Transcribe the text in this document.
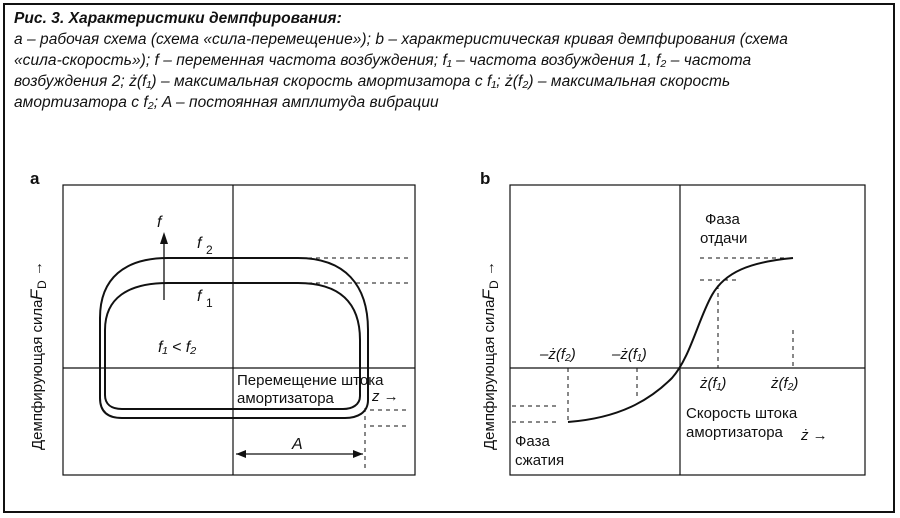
Рис. 3. Характеристики демпфирования:
a – рабочая схема (схема «сила-перемещение»); b – характеристическая кривая демпфирования (схема
«сила-скорость»); f – переменная частота возбуждения; f₁ – частота возбуждения 1, f₂ – частота
возбуждения 2; ż(f₁) – максимальная скорость амортизатора с f₁; ż(f₂) – максимальная скорость
амортизатора с f₂; A – постоянная амплитуда вибрации
a
Демпфирующая сила
F
D
→
f
f 2
f 1
f₁ < f₂
Перемещение штока
амортизатора	z →
A
b
Демпфирующая сила
F
D
→
Фаза
отдачи
–ż(f₂) –ż(f₁)
ż(f₁)	ż(f₂)
Скорость штока
амортизатора ż →
Фаза
сжатия
